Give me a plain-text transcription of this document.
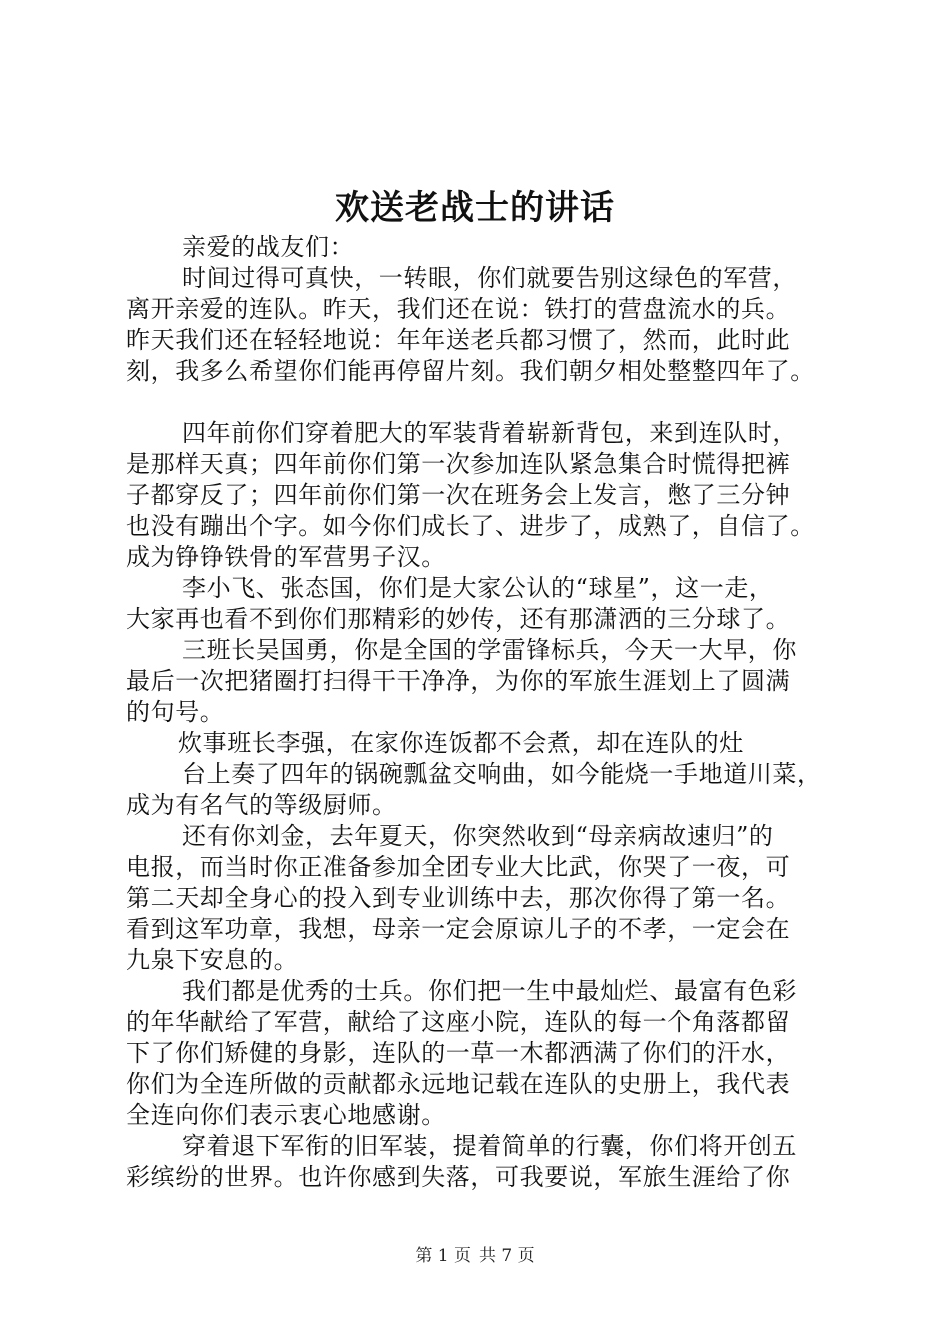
欢送老战士的讲话
亲爱的战友们：
时间过得可真快，一转眼，你们就要告别这绿色的军营，
离开亲爱的连队。昨天，我们还在说：铁打的营盘流水的兵。
昨天我们还在轻轻地说：年年送老兵都习惯了，然而，此时此
刻，我多么希望你们能再停留片刻。我们朝夕相处整整四年了。
四年前你们穿着肥大的军装背着崭新背包，来到连队时，
是那样天真；四年前你们第一次参加连队紧急集合时慌得把裤
子都穿反了；四年前你们第一次在班务会上发言，憋了三分钟
也没有蹦出个字。如今你们成长了、进步了，成熟了，自信了。
成为铮铮铁骨的军营男子汉。
李小飞、张态国，你们是大家公认的“球星”，这一走，
大家再也看不到你们那精彩的妙传，还有那潇洒的三分球了。
三班长吴国勇，你是全国的学雷锋标兵，今天一大早，你
最后一次把猪圈打扫得干干净净，为你的军旅生涯划上了圆满
的句号。
炊事班长李强，在家你连饭都不会煮，却在连队的灶
台上奏了四年的锅碗瓢盆交响曲，如今能烧一手地道川菜，
成为有名气的等级厨师。
还有你刘金，去年夏天，你突然收到“母亲病故速归”的
电报，而当时你正准备参加全团专业大比武，你哭了一夜，可
第二天却全身心的投入到专业训练中去，那次你得了第一名。
看到这军功章，我想，母亲一定会原谅儿子的不孝，一定会在
九泉下安息的。
我们都是优秀的士兵。你们把一生中最灿烂、最富有色彩
的年华献给了军营，献给了这座小院，连队的每一个角落都留
下了你们矫健的身影，连队的一草一木都洒满了你们的汗水，
你们为全连所做的贡献都永远地记载在连队的史册上，我代表
全连向你们表示衷心地感谢。
穿着退下军衔的旧军装，提着简单的行囊，你们将开创五
彩缤纷的世界。也许你感到失落，可我要说，军旅生涯给了你
第 1 页 共 7 页
